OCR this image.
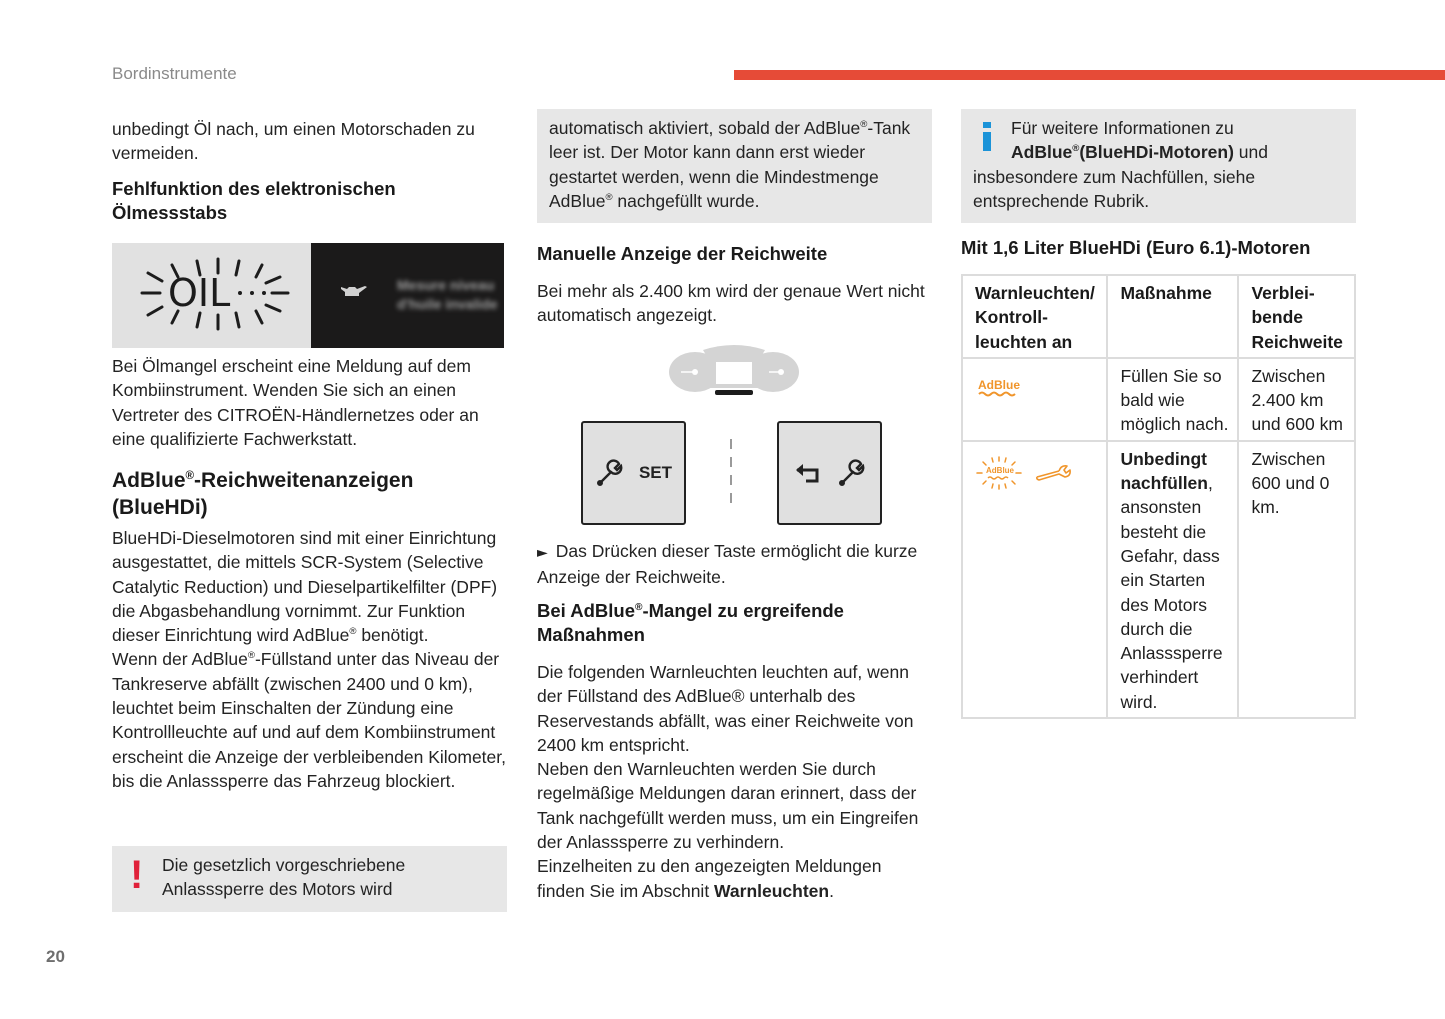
Bordinstrumente
unbedingt Öl nach, um einen Motorschaden zu vermeiden.
Fehlfunktion des elektronischen
Ölmessstabs
OIL	Mesure niveau
d'huile invalide
Bei Ölmangel erscheint eine Meldung auf dem Kombiinstrument. Wenden Sie sich an einen Vertreter des CITROËN-Händlernetzes oder an eine qualifizierte Fachwerkstatt.
AdBlue®-Reichweitenanzeigen
(BlueHDi)
BlueHDi-Dieselmotoren sind mit einer Einrichtung ausgestattet, die mittels SCR-System (Selective Catalytic Reduction) und Dieselpartikelfilter (DPF) die Abgasbehandlung vornimmt. Zur Funktion dieser Einrichtung wird AdBlue® benötigt.
Wenn der AdBlue®-Füllstand unter das Niveau der Tankreserve abfällt (zwischen 2400 und 0 km), leuchtet beim Einschalten der Zündung eine Kontrollleuchte auf und auf dem Kombiinstrument erscheint die Anzeige der verbleibenden Kilometer, bis die Anlasssperre das Fahrzeug blockiert.
! Die gesetzlich vorgeschriebene
Anlasssperre des Motors wird
automatisch aktiviert, sobald der AdBlue®-Tank leer ist. Der Motor kann dann erst wieder gestartet werden, wenn die Mindestmenge AdBlue® nachgefüllt wurde.
Manuelle Anzeige der Reichweite
Bei mehr als 2.400 km wird der genaue Wert nicht automatisch angezeigt.
SET
► Das Drücken dieser Taste ermöglicht die kurze Anzeige der Reichweite.
Bei AdBlue®-Mangel zu ergreifende Maßnahmen
Die folgenden Warnleuchten leuchten auf, wenn der Füllstand des AdBlue® unterhalb des Reservestands abfällt, was einer Reichweite von 2400 km entspricht.
Neben den Warnleuchten werden Sie durch regelmäßige Meldungen daran erinnert, dass der Tank nachgefüllt werden muss, um ein Eingreifen der Anlasssperre zu verhindern.
Einzelheiten zu den angezeigten Meldungen finden Sie im Abschnit Warnleuchten.
Für weitere Informationen zu
AdBlue®(BlueHDi-Motoren) und
insbesondere zum Nachfüllen, siehe entsprechende Rubrik.
Mit 1,6 Liter BlueHDi (Euro 6.1)-Motoren
Warnleuchten/ Kontroll-leuchten an	Maßnahme	Verblei-bende Reichweite

AdBlue	Füllen Sie so bald wie möglich nach.	Zwischen 2.400 km und 600 km

AdBlue	Unbedingt nachfüllen, ansonsten besteht die Gefahr, dass ein Starten des Motors durch die Anlasssperre verhindert wird.	Zwischen 600 und 0 km.
20
